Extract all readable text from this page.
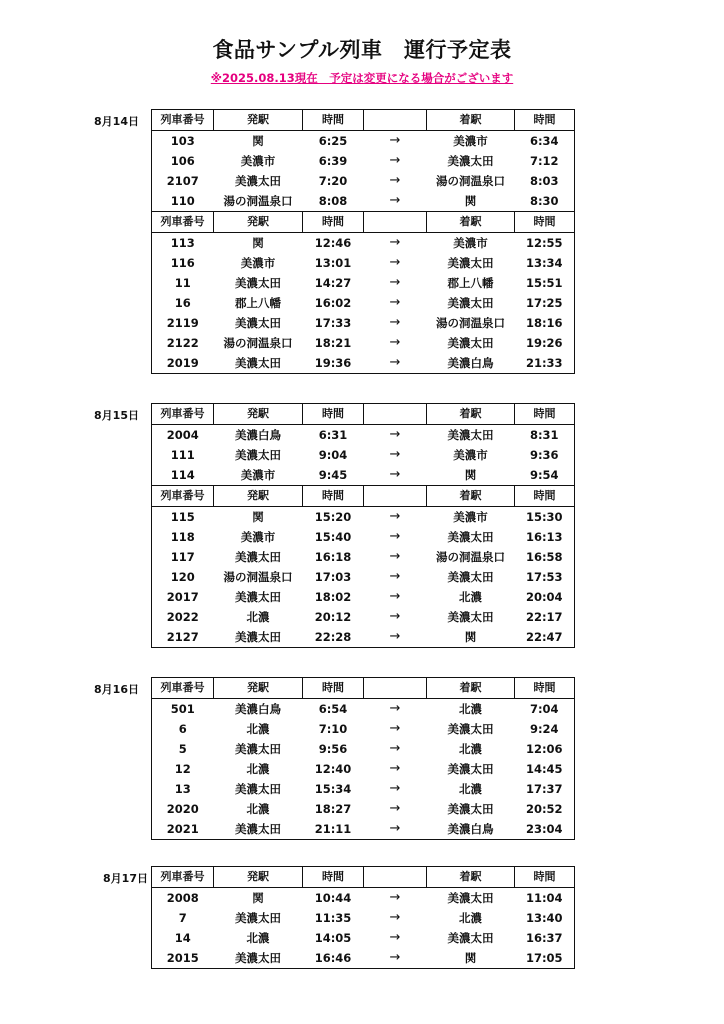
食品サンプル列車　運行予定表
※2025.08.13現在　予定は変更になる場合がございます
8月14日 列車番号	発駅	時間		着駅	時間
103	関	6:25	→	美濃市	6:34
106	美濃市	6:39	→	美濃太田	7:12
2107	美濃太田	7:20	→	湯の洞温泉口	8:03
110	湯の洞温泉口	8:08	→	関	8:30
列車番号	発駅	時間		着駅	時間
113	関	12:46	→	美濃市	12:55
116	美濃市	13:01	→	美濃太田	13:34
11	美濃太田	14:27	→	郡上八幡	15:51
16	郡上八幡	16:02	→	美濃太田	17:25
2119	美濃太田	17:33	→	湯の洞温泉口	18:16
2122	湯の洞温泉口	18:21	→	美濃太田	19:26
2019	美濃太田	19:36	→	美濃白鳥	21:33
8月15日 列車番号	発駅	時間		着駅	時間
2004	美濃白鳥	6:31	→	美濃太田	8:31
111	美濃太田	9:04	→	美濃市	9:36
114	美濃市	9:45	→	関	9:54
列車番号	発駅	時間		着駅	時間
115	関	15:20	→	美濃市	15:30
118	美濃市	15:40	→	美濃太田	16:13
117	美濃太田	16:18	→	湯の洞温泉口	16:58
120	湯の洞温泉口	17:03	→	美濃太田	17:53
2017	美濃太田	18:02	→	北濃	20:04
2022	北濃	20:12	→	美濃太田	22:17
2127	美濃太田	22:28	→	関	22:47
8月16日 列車番号	発駅	時間		着駅	時間
501	美濃白鳥	6:54	→	北濃	7:04
6	北濃	7:10	→	美濃太田	9:24
5	美濃太田	9:56	→	北濃	12:06
12	北濃	12:40	→	美濃太田	14:45
13	美濃太田	15:34	→	北濃	17:37
2020	北濃	18:27	→	美濃太田	20:52
2021	美濃太田	21:11	→	美濃白鳥	23:04
8月17日 列車番号	発駅	時間		着駅	時間
2008	関	10:44	→	美濃太田	11:04
7	美濃太田	11:35	→	北濃	13:40
14	北濃	14:05	→	美濃太田	16:37
2015	美濃太田	16:46	→	関	17:05
